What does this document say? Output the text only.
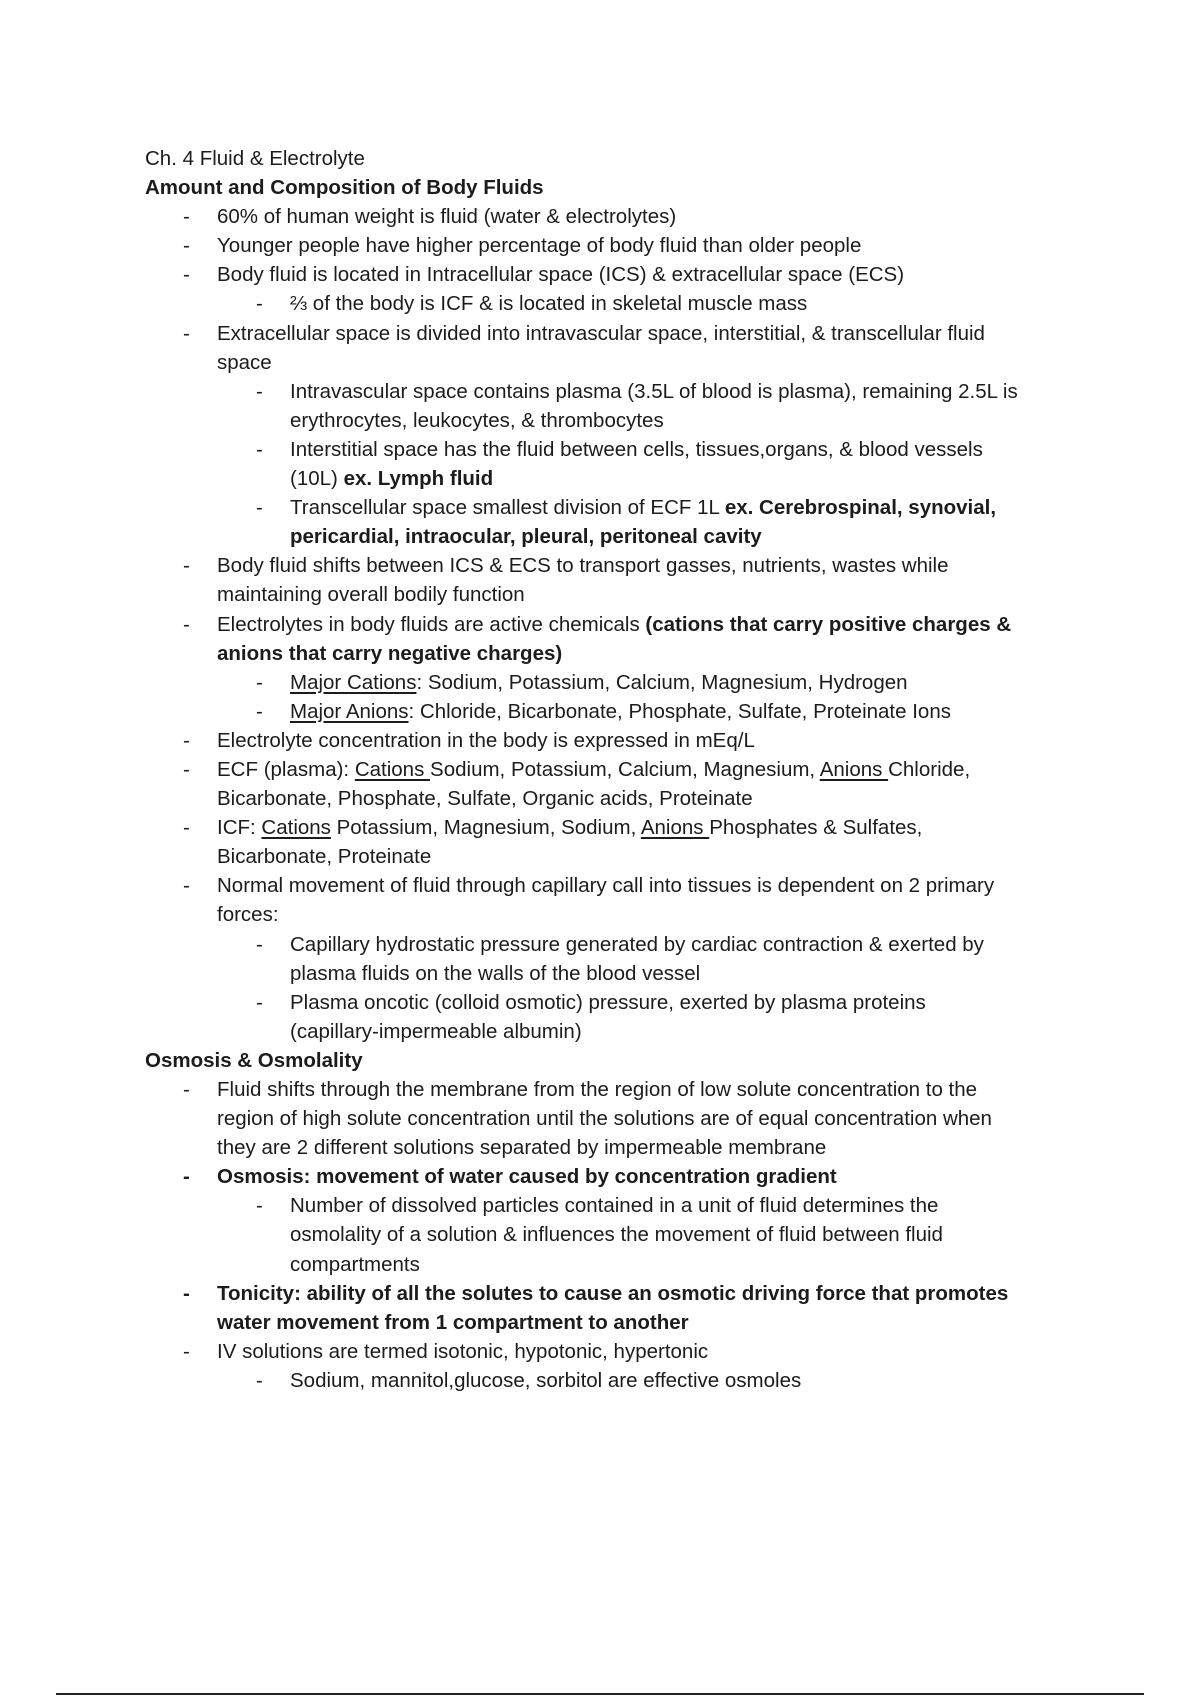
Ch. 4 Fluid & Electrolyte
Amount and Composition of Body Fluids
- 60% of human weight is fluid (water & electrolytes)
- Younger people have higher percentage of body fluid than older people
- Body fluid is located in Intracellular space (ICS) & extracellular space (ECS)
- ⅔ of the body is ICF & is located in skeletal muscle mass
- Extracellular space is divided into intravascular space, interstitial, & transcellular fluid
space
- Intravascular space contains plasma (3.5L of blood is plasma), remaining 2.5L is
erythrocytes, leukocytes, & thrombocytes
- Interstitial space has the fluid between cells, tissues,organs, & blood vessels
(10L) ex. Lymph fluid
- Transcellular space smallest division of ECF 1L ex. Cerebrospinal, synovial,
pericardial, intraocular, pleural, peritoneal cavity
- Body fluid shifts between ICS & ECS to transport gasses, nutrients, wastes while
maintaining overall bodily function
- Electrolytes in body fluids are active chemicals (cations that carry positive charges &
anions that carry negative charges)
- Major Cations: Sodium, Potassium, Calcium, Magnesium, Hydrogen
- Major Anions: Chloride, Bicarbonate, Phosphate, Sulfate, Proteinate Ions
- Electrolyte concentration in the body is expressed in mEq/L
- ECF (plasma): Cations Sodium, Potassium, Calcium, Magnesium, Anions Chloride,
Bicarbonate, Phosphate, Sulfate, Organic acids, Proteinate
- ICF: Cations Potassium, Magnesium, Sodium, Anions Phosphates & Sulfates,
Bicarbonate, Proteinate
- Normal movement of fluid through capillary call into tissues is dependent on 2 primary
forces:
- Capillary hydrostatic pressure generated by cardiac contraction & exerted by
plasma fluids on the walls of the blood vessel
- Plasma oncotic (colloid osmotic) pressure, exerted by plasma proteins
(capillary-impermeable albumin)
Osmosis & Osmolality
- Fluid shifts through the membrane from the region of low solute concentration to the
region of high solute concentration until the solutions are of equal concentration when
they are 2 different solutions separated by impermeable membrane
- Osmosis: movement of water caused by concentration gradient
- Number of dissolved particles contained in a unit of fluid determines the
osmolality of a solution & influences the movement of fluid between fluid
compartments
- Tonicity: ability of all the solutes to cause an osmotic driving force that promotes
water movement from 1 compartment to another
- IV solutions are termed isotonic, hypotonic, hypertonic
- Sodium, mannitol,glucose, sorbitol are effective osmoles
